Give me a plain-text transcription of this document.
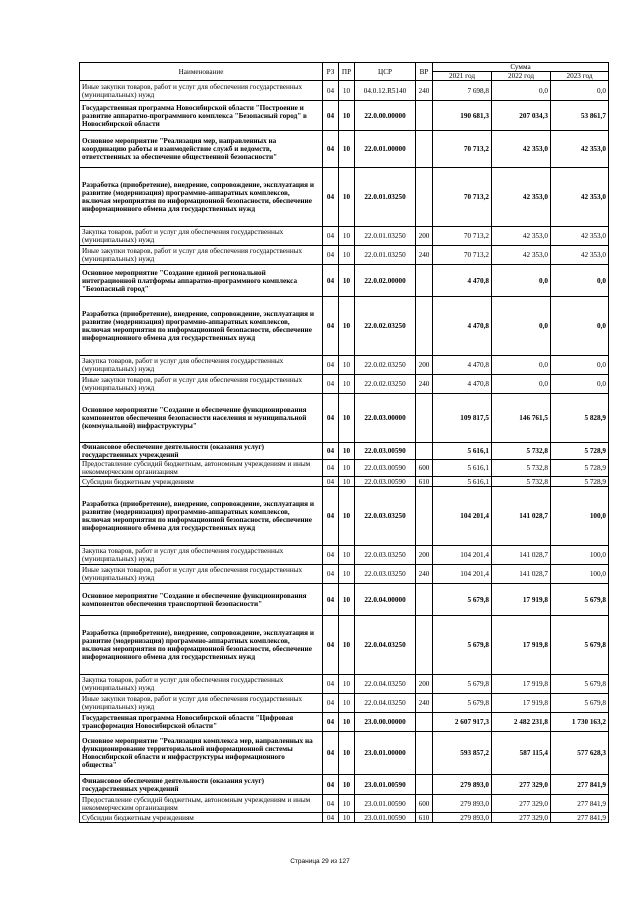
Наименование	РЗ	ПР	ЦСР	ВР	Сумма		
					2021 год	2022 год	2023 год
Иные закупки товаров, работ и услуг для обеспечения государственных (муниципальных) нужд	04	10	04.0.12.R5140	240	7 698,8	0,0	0,0
Государственная программа Новосибирской области "Построение и развитие аппаратно-программного комплекса "Безопасный город" в Новосибирской области	04	10	22.0.00.00000		190 681,3	207 034,3	53 861,7
Основное мероприятие "Реализация мер, направленных на координацию работы и взаимодействие служб и ведомств, ответственных за обеспечение общественной безопасности"	04	10	22.0.01.00000		70 713,2	42 353,0	42 353,0
Разработка (приобретение), внедрение, сопровождение, эксплуатация и развитие (модернизация) программно-аппаратных комплексов, включая мероприятия по информационной безопасности, обеспечение информационного обмена для государственных нужд	04	10	22.0.01.03250		70 713,2	42 353,0	42 353,0
Закупка товаров, работ и услуг для обеспечения государственных (муниципальных) нужд	04	10	22.0.01.03250	200	70 713,2	42 353,0	42 353,0
Иные закупки товаров, работ и услуг для обеспечения государственных (муниципальных) нужд	04	10	22.0.01.03250	240	70 713,2	42 353,0	42 353,0
Основное мероприятие "Создание единой региональной интеграционной платформы аппаратно-программного комплекса "Безопасный город"	04	10	22.0.02.00000		4 470,8	0,0	0,0
Разработка (приобретение), внедрение, сопровождение, эксплуатация и развитие (модернизация) программно-аппаратных комплексов, включая мероприятия по информационной безопасности, обеспечение информационного обмена для государственных нужд	04	10	22.0.02.03250		4 470,8	0,0	0,0
Закупка товаров, работ и услуг для обеспечения государственных (муниципальных) нужд	04	10	22.0.02.03250	200	4 470,8	0,0	0,0
Иные закупки товаров, работ и услуг для обеспечения государственных (муниципальных) нужд	04	10	22.0.02.03250	240	4 470,8	0,0	0,0
Основное мероприятие "Создание и обеспечение функционирования компонентов обеспечения безопасности населения и муниципальной (коммунальной) инфраструктуры"	04	10	22.0.03.00000		109 817,5	146 761,5	5 828,9
Финансовое обеспечение деятельности (оказания услуг) государственных учреждений	04	10	22.0.03.00590		5 616,1	5 732,8	5 728,9
Предоставление субсидий бюджетным, автономным учреждениям и иным некоммерческим организациям	04	10	22.0.03.00590	600	5 616,1	5 732,8	5 728,9
Субсидии бюджетным учреждениям	04	10	22.0.03.00590	610	5 616,1	5 732,8	5 728,9
Разработка (приобретение), внедрение, сопровождение, эксплуатация и развитие (модернизация) программно-аппаратных комплексов, включая мероприятия по информационной безопасности, обеспечение информационного обмена для государственных нужд	04	10	22.0.03.03250		104 201,4	141 028,7	100,0
Закупка товаров, работ и услуг для обеспечения государственных (муниципальных) нужд	04	10	22.0.03.03250	200	104 201,4	141 028,7	100,0
Иные закупки товаров, работ и услуг для обеспечения государственных (муниципальных) нужд	04	10	22.0.03.03250	240	104 201,4	141 028,7	100,0
Основное мероприятие "Создание и обеспечение функционирования компонентов обеспечения транспортной безопасности"	04	10	22.0.04.00000		5 679,8	17 919,8	5 679,8
Разработка (приобретение), внедрение, сопровождение, эксплуатация и развитие (модернизация) программно-аппаратных комплексов, включая мероприятия по информационной безопасности, обеспечение информационного обмена для государственных нужд	04	10	22.0.04.03250		5 679,8	17 919,8	5 679,8
Закупка товаров, работ и услуг для обеспечения государственных (муниципальных) нужд	04	10	22.0.04.03250	200	5 679,8	17 919,8	5 679,8
Иные закупки товаров, работ и услуг для обеспечения государственных (муниципальных) нужд	04	10	22.0.04.03250	240	5 679,8	17 919,8	5 679,8
Государственная программа Новосибирской области "Цифровая трансформация Новосибирской области"	04	10	23.0.00.00000		2 607 917,3	2 482 231,8	1 730 163,2
Основное мероприятие "Реализация комплекса мер, направленных на функционирование территориальной информационной системы Новосибирской области и инфраструктуры информационного общества"	04	10	23.0.01.00000		593 857,2	587 115,4	577 628,3
Финансовое обеспечение деятельности (оказания услуг) государственных учреждений	04	10	23.0.01.00590		279 893,0	277 329,0	277 841,9
Предоставление субсидий бюджетным, автономным учреждениям и иным некоммерческим организациям	04	10	23.0.01.00590	600	279 893,0	277 329,0	277 841,9
Субсидии бюджетным учреждениям	04	10	23.0.01.00590	610	279 893,0	277 329,0	277 841,9
Страница 29 из 127
